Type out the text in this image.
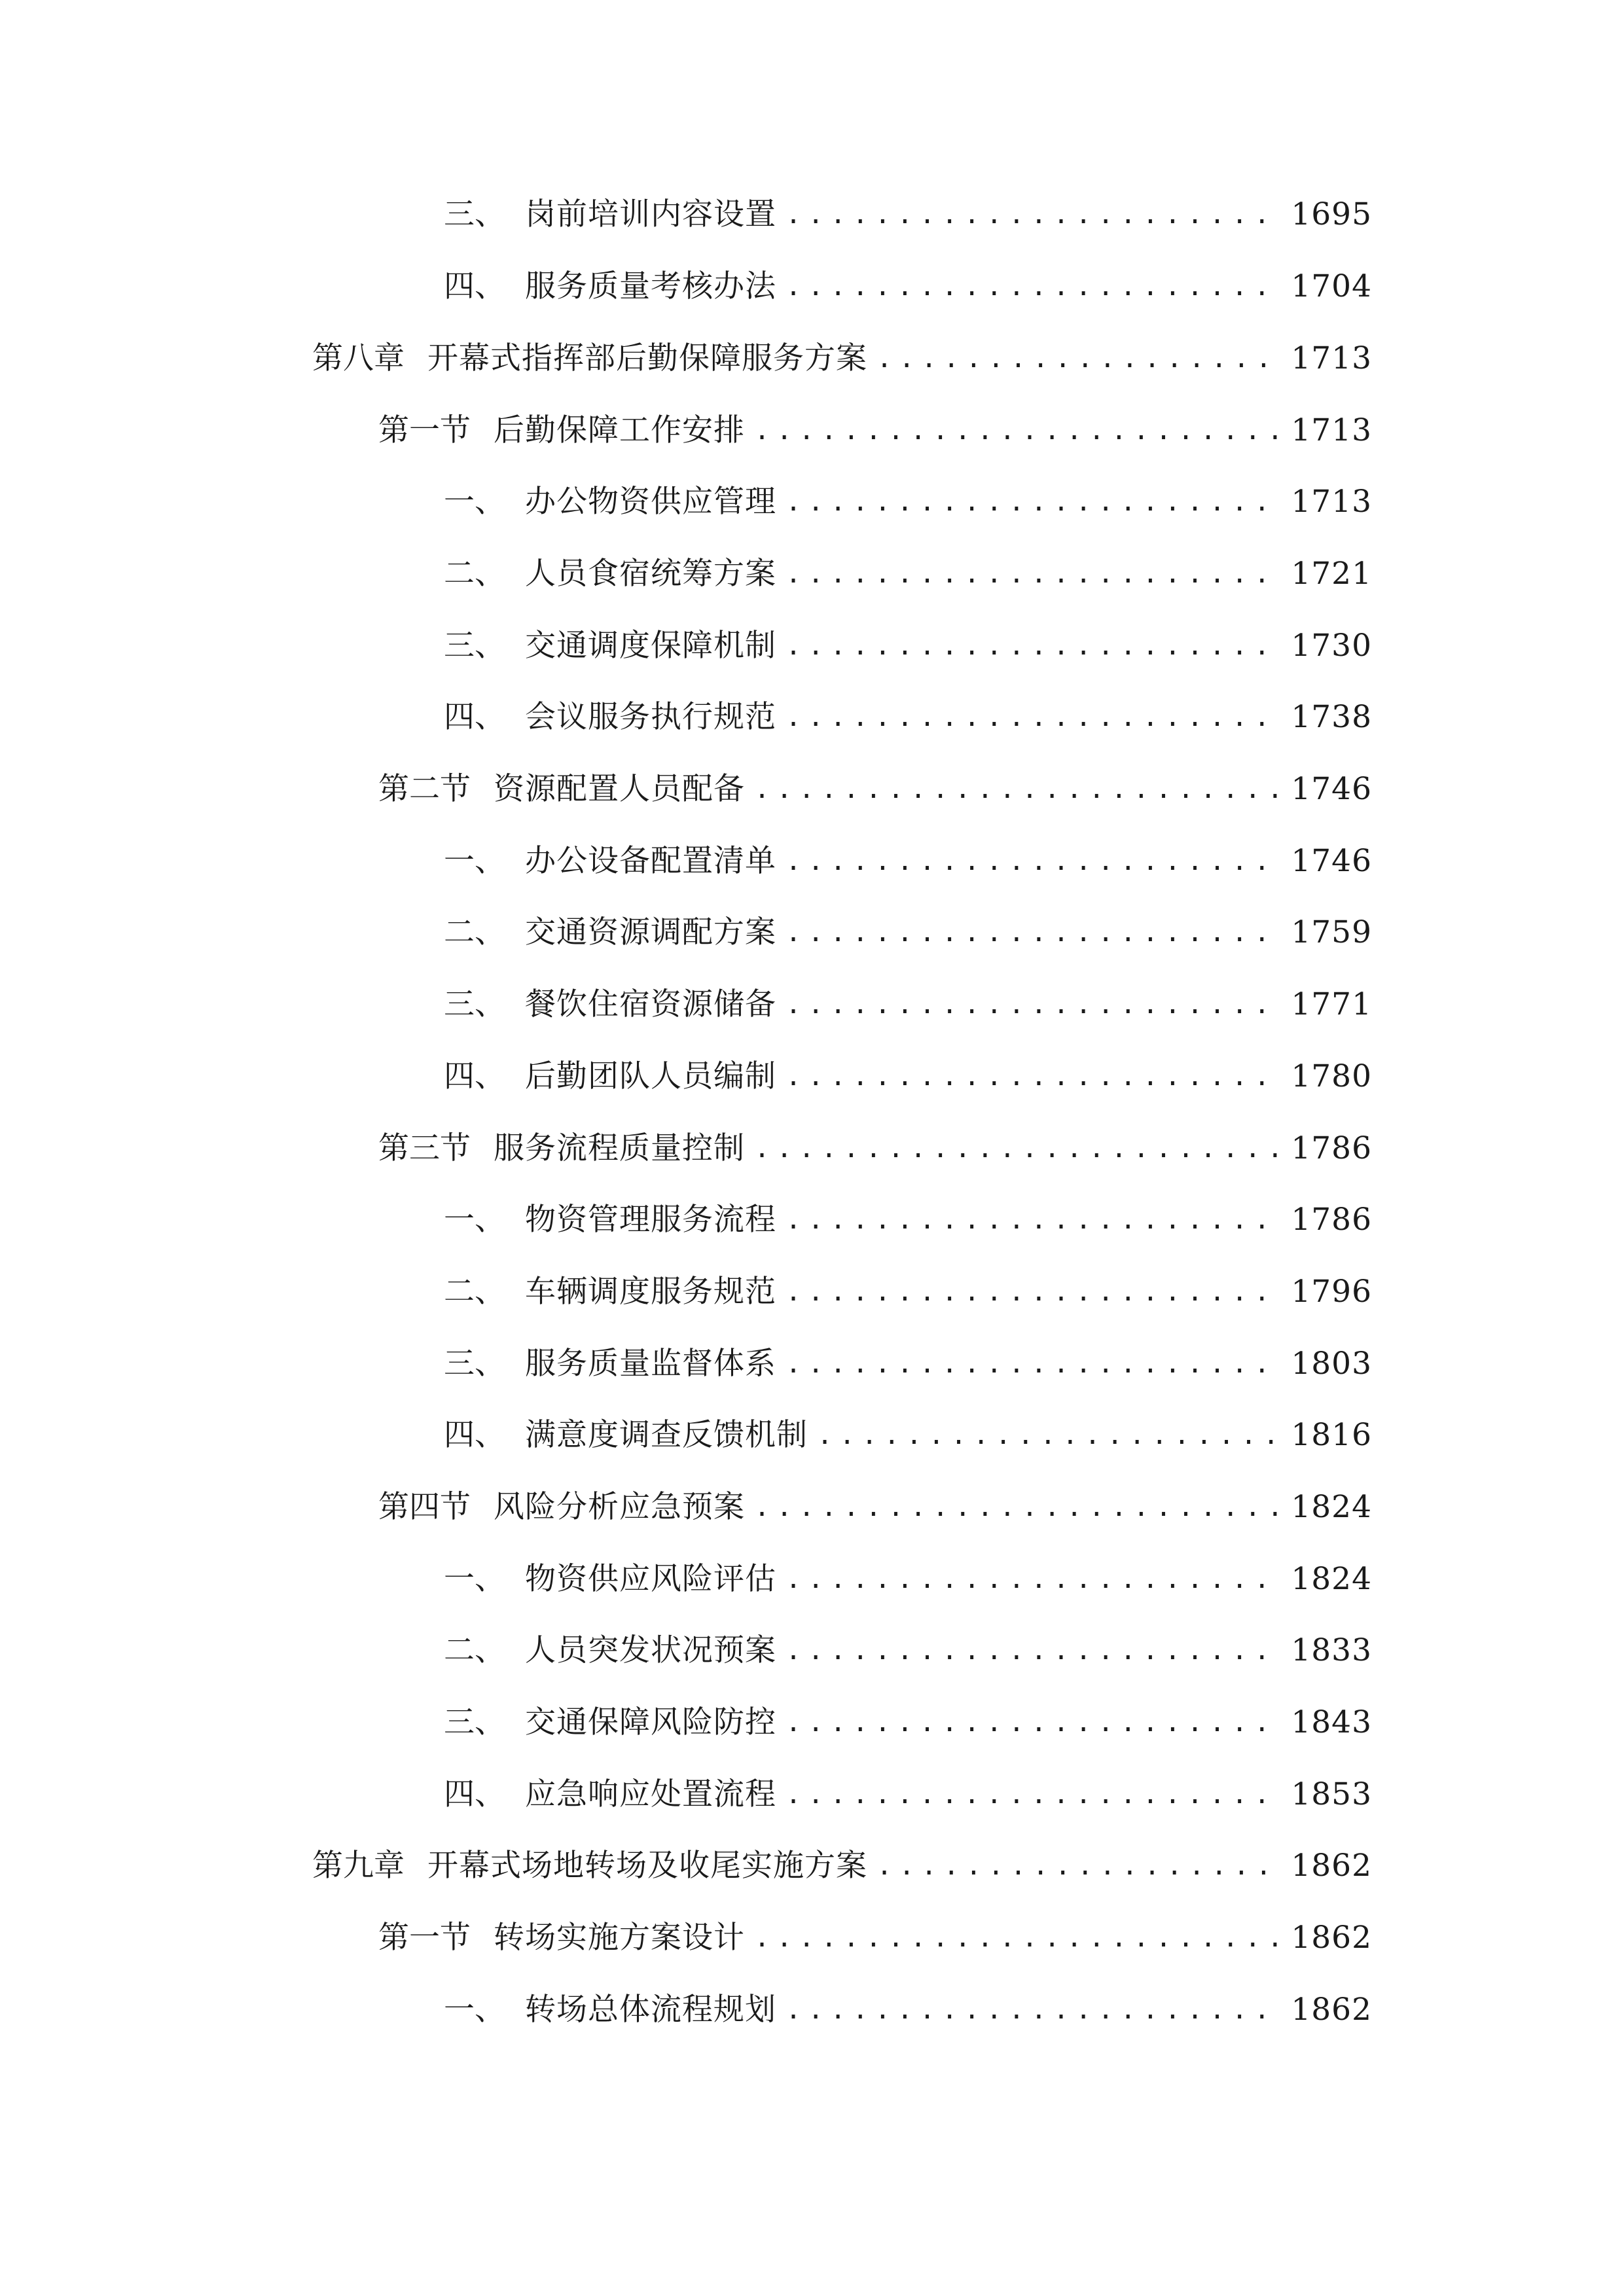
三、 岗前培训内容设置 .....	1695
四、 服务质量考核办法 .....	1704
第八章 开幕式指挥部后勤保障服务方案 .....	1713
第一节 后勤保障工作安排 .....	1713
一、 办公物资供应管理 .....	1713
二、 人员食宿统筹方案 .....	1721
三、 交通调度保障机制 .....	1730
四、 会议服务执行规范 .....	1738
第二节 资源配置人员配备 .....	1746
一、 办公设备配置清单 .....	1746
二、 交通资源调配方案 .....	1759
三、 餐饮住宿资源储备 .....	1771
四、 后勤团队人员编制 .....	1780
第三节 服务流程质量控制 .....	1786
一、 物资管理服务流程 .....	1786
二、 车辆调度服务规范 .....	1796
三、 服务质量监督体系 .....	1803
四、 满意度调查反馈机制 .....	1816
第四节 风险分析应急预案 .....	1824
一、 物资供应风险评估 .....	1824
二、 人员突发状况预案 .....	1833
三、 交通保障风险防控 .....	1843
四、 应急响应处置流程 .....	1853
第九章 开幕式场地转场及收尾实施方案 .....	1862
第一节 转场实施方案设计 .....	1862
一、 转场总体流程规划 .....	1862
